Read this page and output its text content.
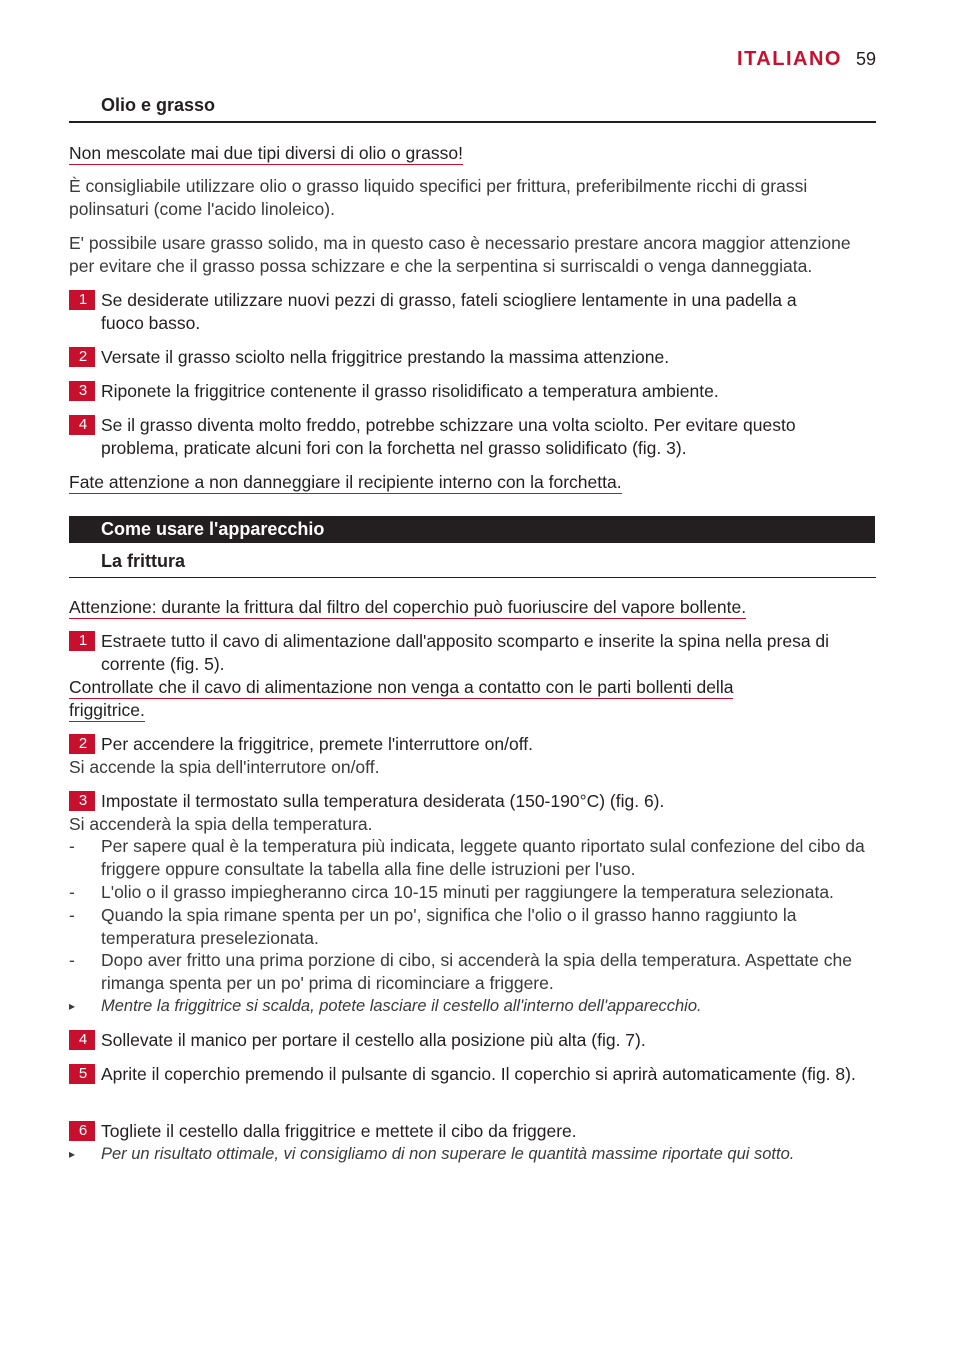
ITALIANO 59
Olio e grasso
Non mescolate mai due tipi diversi di olio o grasso!
È consigliabile utilizzare olio o grasso liquido specifici per frittura, preferibilmente ricchi di grassi polinsaturi (come l'acido linoleico).
E' possibile usare grasso solido, ma in questo caso è necessario prestare ancora maggior attenzione per evitare che il grasso possa schizzare e che la serpentina si surriscaldi o venga danneggiata.
1 Se desiderate utilizzare nuovi pezzi di grasso, fateli sciogliere lentamente in una padella a fuoco basso.
2 Versate il grasso sciolto nella friggitrice prestando la massima attenzione.
3 Riponete la friggitrice contenente il grasso risolidificato a temperatura ambiente.
4 Se il grasso diventa molto freddo, potrebbe schizzare una volta sciolto. Per evitare questo problema, praticate alcuni fori con la forchetta nel grasso solidificato (fig. 3).
Fate attenzione a non danneggiare il recipiente interno con la forchetta.
Come usare l'apparecchio
La frittura
Attenzione: durante la frittura dal filtro del coperchio può fuoriuscire del vapore bollente.
1 Estraete tutto il cavo di alimentazione dall'apposito scomparto e inserite la spina nella presa di corrente (fig. 5).
Controllate che il cavo di alimentazione non venga a contatto con le parti bollenti della friggitrice.
2 Per accendere la friggitrice, premete l'interruttore on/off.
Si accende la spia dell'interrutore on/off.
3 Impostate il termostato sulla temperatura desiderata (150-190°C) (fig. 6).
Si accenderà la spia della temperatura.
- Per sapere qual è la temperatura più indicata, leggete quanto riportato sulal confezione del cibo da friggere oppure consultate la tabella alla fine delle istruzioni per l'uso.
- L'olio o il grasso impiegheranno circa 10-15 minuti per raggiungere la temperatura selezionata.
- Quando la spia rimane spenta per un po', significa che l'olio o il grasso hanno raggiunto la temperatura preselezionata.
- Dopo aver fritto una prima porzione di cibo, si accenderà la spia della temperatura. Aspettate che rimanga spenta per un po' prima di ricominciare a friggere.
▸ Mentre la friggitrice si scalda, potete lasciare il cestello all'interno dell'apparecchio.
4 Sollevate il manico per portare il cestello alla posizione più alta (fig. 7).
5 Aprite il coperchio premendo il pulsante di sgancio. Il coperchio si aprirà automaticamente (fig. 8).
6 Togliete il cestello dalla friggitrice e mettete il cibo da friggere.
▸ Per un risultato ottimale, vi consigliamo di non superare le quantità massime riportate qui sotto.
